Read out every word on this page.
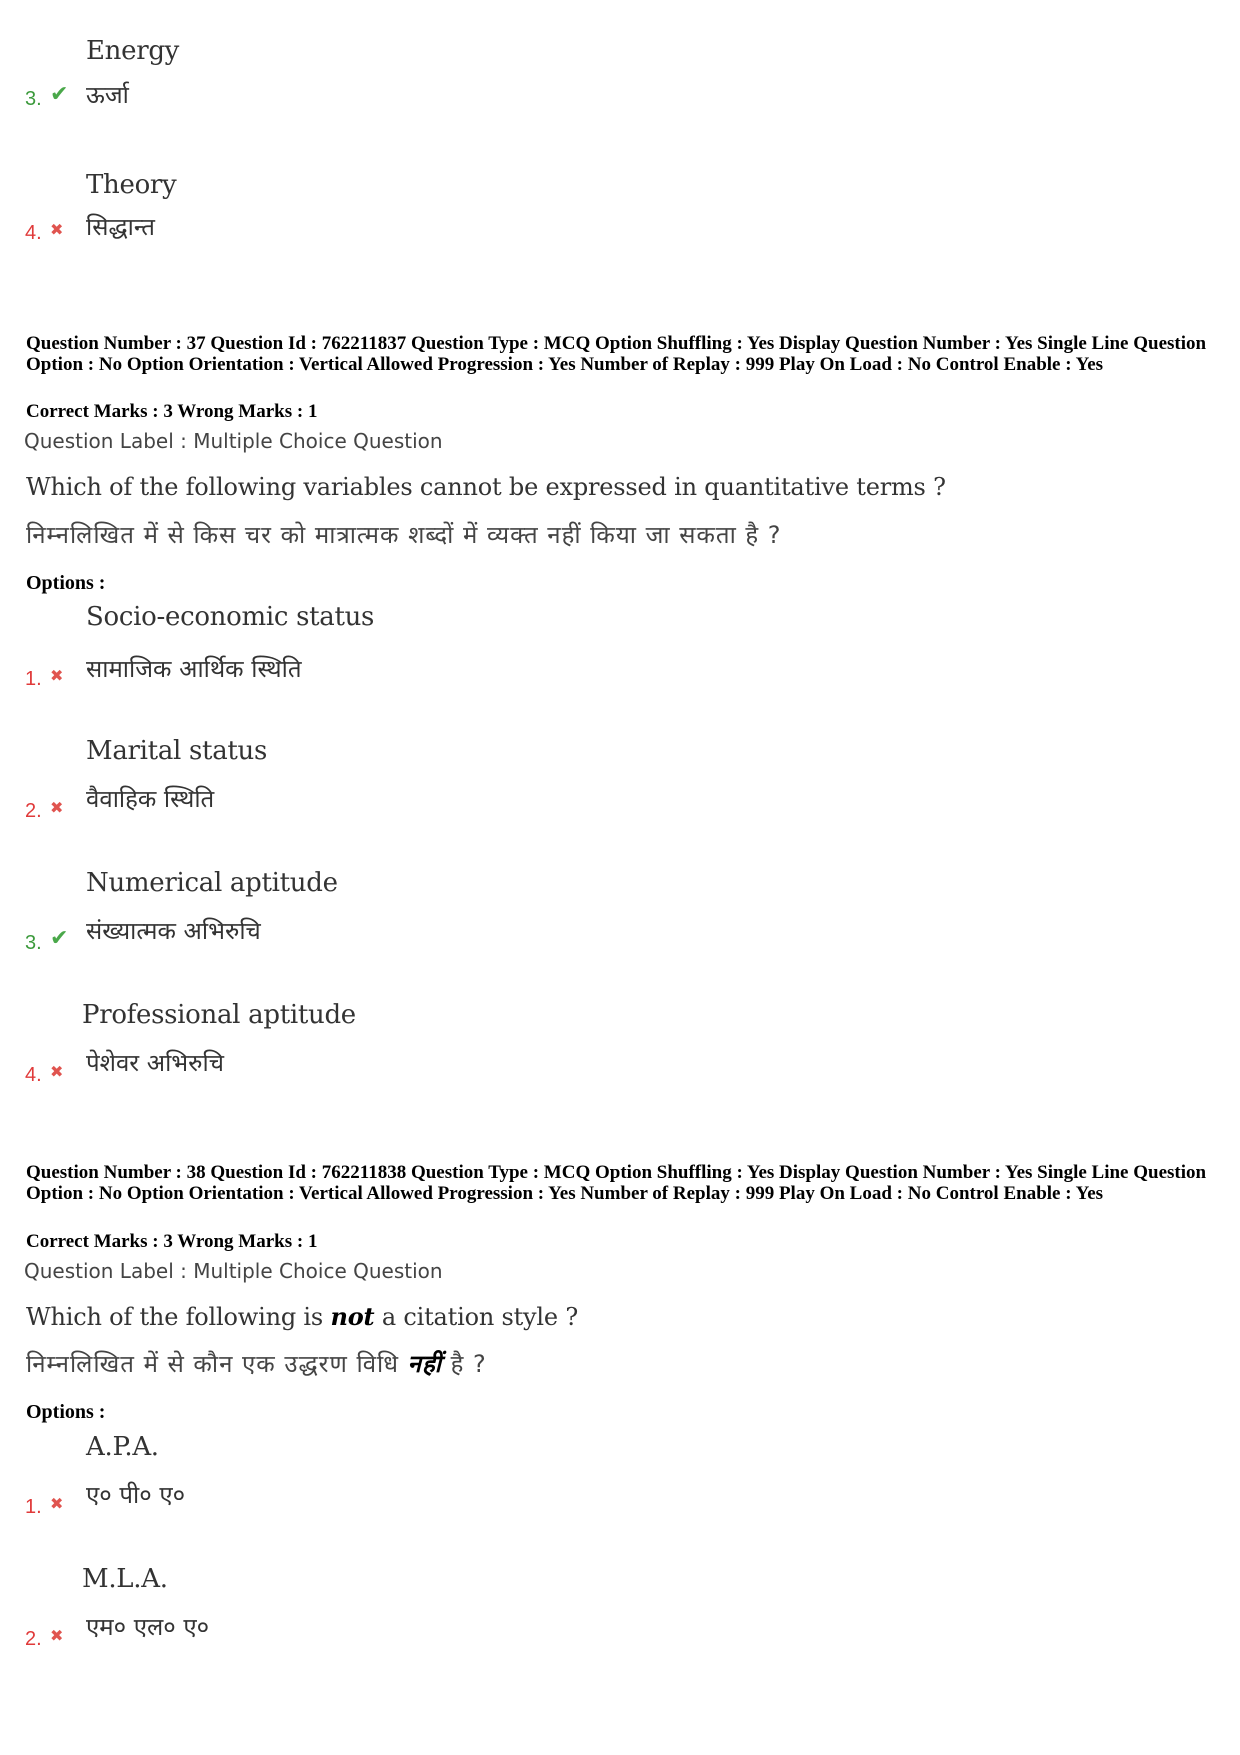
Energy
3. ✔ ऊर्जा
Theory
4. ✖ सिद्धान्त
Question Number : 37 Question Id : 762211837 Question Type : MCQ Option Shuffling : Yes Display Question Number : Yes Single Line Question Option : No Option Orientation : Vertical Allowed Progression : Yes Number of Replay : 999 Play On Load : No Control Enable : Yes
Correct Marks : 3 Wrong Marks : 1
Question Label : Multiple Choice Question
Which of the following variables cannot be expressed in quantitative terms ?
निम्नलिखित में से किस चर को मात्रात्मक शब्दों में व्यक्त नहीं किया जा सकता है ?
Options :
Socio-economic status
1. ✖ सामाजिक आर्थिक स्थिति
Marital status
2. ✖ वैवाहिक स्थिति
Numerical aptitude
3. ✔ संख्यात्मक अभिरुचि
Professional aptitude
4. ✖ पेशेवर अभिरुचि
Question Number : 38 Question Id : 762211838 Question Type : MCQ Option Shuffling : Yes Display Question Number : Yes Single Line Question Option : No Option Orientation : Vertical Allowed Progression : Yes Number of Replay : 999 Play On Load : No Control Enable : Yes
Correct Marks : 3 Wrong Marks : 1
Question Label : Multiple Choice Question
Which of the following is not a citation style ?
निम्नलिखित में से कौन एक उद्धरण विधि नहीं है ?
Options :
A.P.A.
1. ✖ ए० पी० ए०
M.L.A.
2. ✖ एम० एल० ए०
